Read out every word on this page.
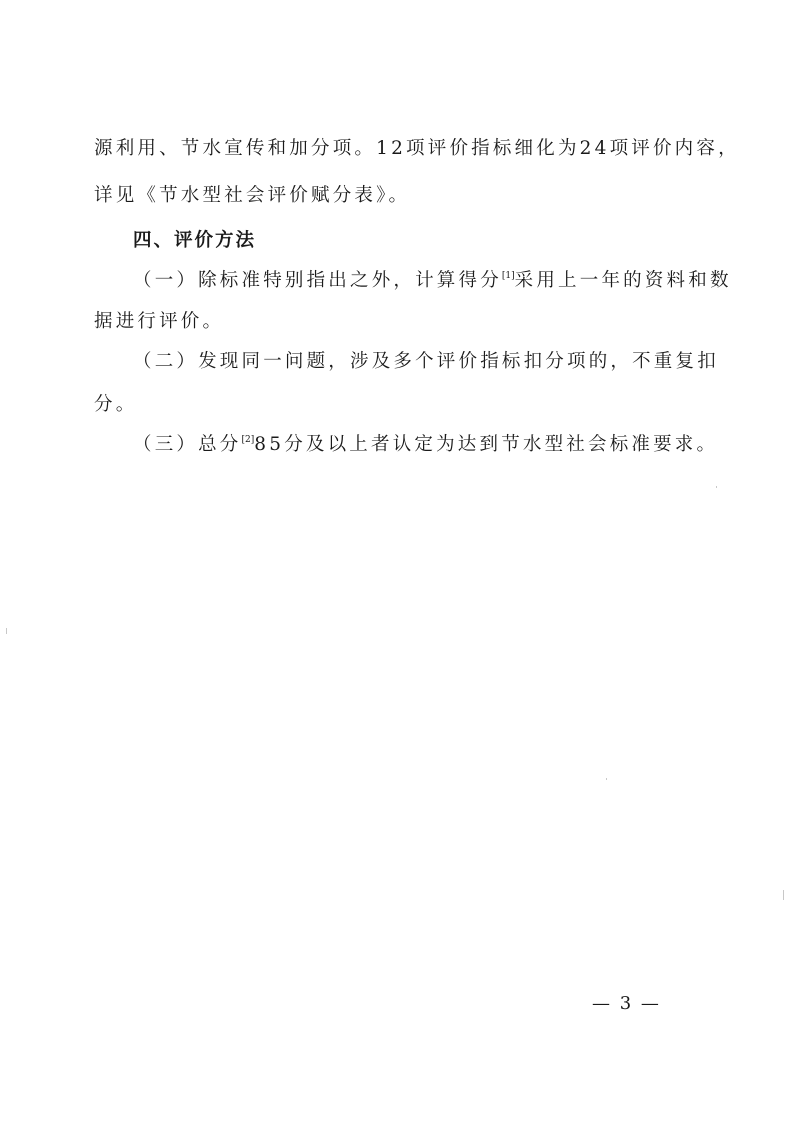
源利用、节水宣传和加分项。12项评价指标细化为24项评价内容，
详见《节水型社会评价赋分表》。
四、评价方法
（一）除标准特别指出之外，计算得分[1]采用上一年的资料和数
据进行评价。
（二）发现同一问题，涉及多个评价指标扣分项的，不重复扣
分。
（三）总分[2]85分及以上者认定为达到节水型社会标准要求。
— 3 —
